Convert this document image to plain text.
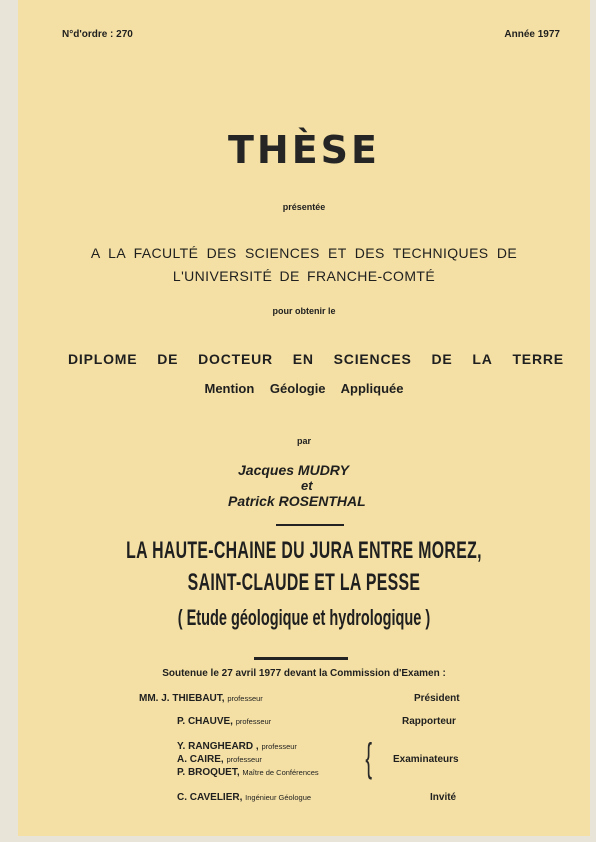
N°d'ordre : 270	Année 1977
THÈSE
présentée
A LA FACULTÉ DES SCIENCES ET DES TECHNIQUES DE
L'UNIVERSITÉ DE FRANCHE-COMTÉ
pour obtenir le
DIPLOME DE DOCTEUR EN SCIENCES DE LA TERRE
Mention Géologie Appliquée
par
Jacques MUDRY
et
Patrick ROSENTHAL
LA HAUTE-CHAINE DU JURA ENTRE MOREZ,
SAINT-CLAUDE ET LA PESSE
( Etude géologique et hydrologique )
Soutenue le 27 avril 1977 devant la Commission d'Examen :
MM. J. THIEBAUT, professeur	Président
P. CHAUVE, professeur	Rapporteur
Y. RANGHEARD , professeur
A. CAIRE, professeur	Examinateurs
P. BROQUET, Maître de Conférences {
C. CAVELIER, Ingénieur Géologue	Invité
